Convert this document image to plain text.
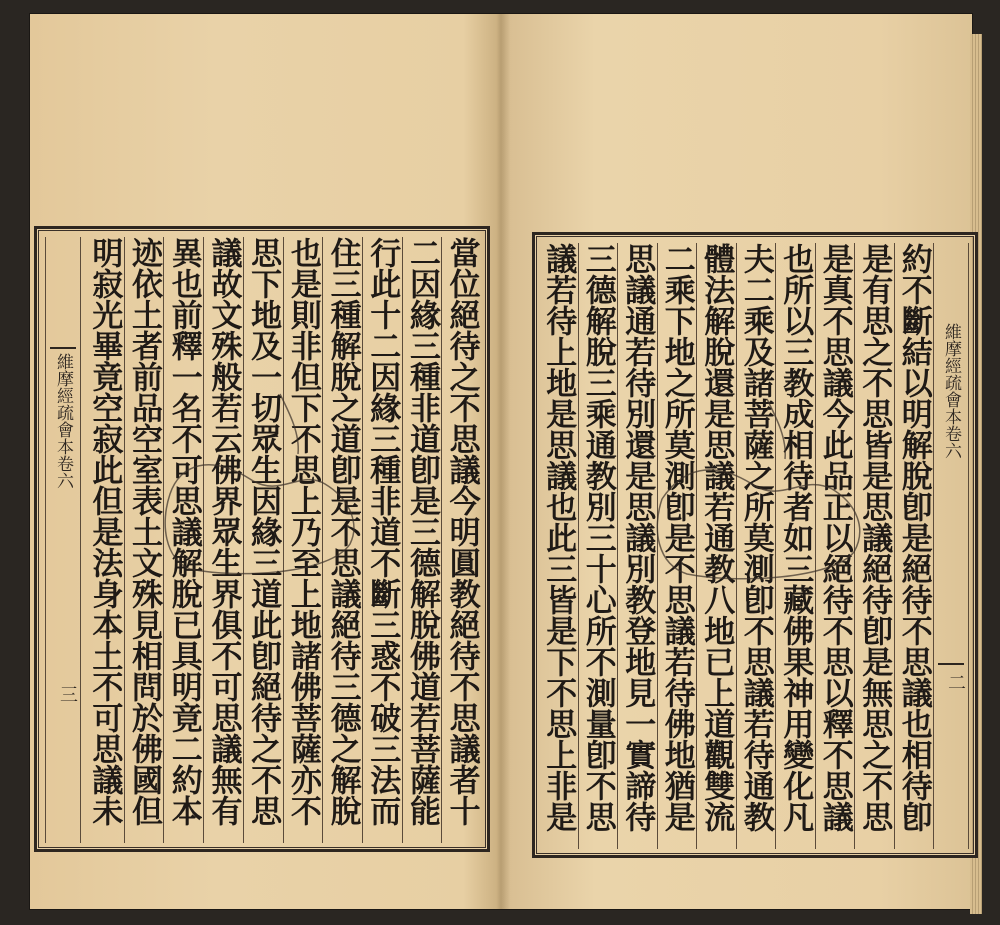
維摩經疏會本卷六
三 明寂光畢竟空寂此但是法身本土不可思議未 迹依土者前品空室表土文殊見相問於佛國但 異也前釋一名不可思議解脫已具明竟二約本 議故文殊般若云佛界眾生界俱不可思議無有 思下地及一切眾生因緣三道此卽絕待之不思 也是則非但下不思上乃至上地諸佛菩薩亦不 住三種解脫之道卽是不思議絕待三德之解脫 行此十二因緣三種非道不斷三惑不破三法而 二因緣三種非道卽是三德解脫佛道若菩薩能 當位絕待之不思議今明圓教絕待不思議者十 議若待上地是思議也此三皆是下不思上非是 三德解脫三乘通教別三十心所不測量卽不思 思議通若待別還是思議別教登地見一實諦待 二乘下地之所莫測卽是不思議若待佛地猶是 體法解脫還是思議若通教八地已上道觀雙流 夫二乘及諸菩薩之所莫測卽不思議若待通教 也所以三教成相待者如三藏佛果神用變化凡 是真不思議今此品正以絕待不思以釋不思議 是有思之不思皆是思議絕待卽是無思之不思 約不斷結以明解脫卽是絕待不思議也相待卽 維摩經疏會本卷六
二
